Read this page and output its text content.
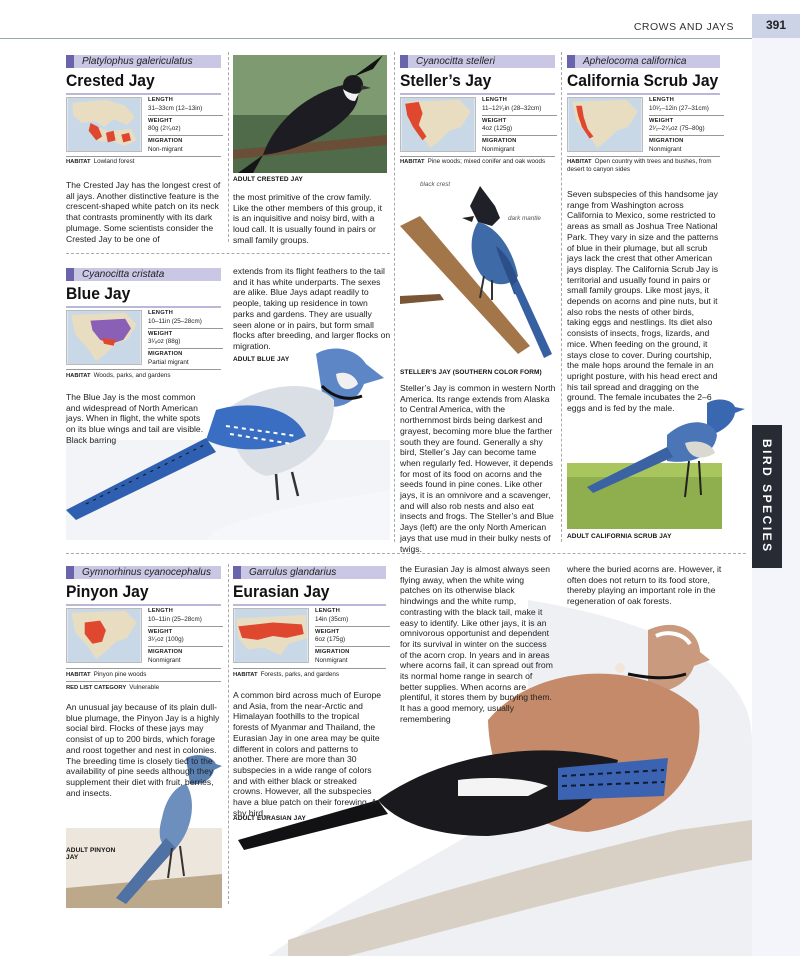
CROWS AND JAYS	391
BIRD SPECIES
Platylophus galericulatus
Crested Jay
LENGTH
31–33cm (12–13in)
WEIGHT
80g (2⁷⁄₈oz)
MIGRATION
Non-migrant
HABITAT Lowland forest
The Crested Jay has the longest crest of all jays. Another distinctive feature is the crescent-shaped white patch on its neck that contrasts prominently with its dark plumage. Some scientists consider the Crested Jay to be one of
ADULT CRESTED JAY
the most primitive of the crow family. Like the other members of this group, it is an inquisitive and noisy bird, with a loud call. It is usually found in pairs or small family groups.
Cyanocitta stelleri
Steller’s Jay
LENGTH
11–12¹⁄₂in (28–32cm)
WEIGHT
4oz (125g)
MIGRATION
Nonmigrant
HABITAT Pine woods; mixed conifer and oak woods
black crest
dark mantle
STELLER’S JAY (SOUTHERN COLOR FORM)
Steller’s Jay is common in western North America. Its range extends from Alaska to Central America, with the northernmost birds being darkest and grayest, becoming more blue the farther south they are found. Generally a shy bird, Steller’s Jay can become tame when regularly fed. However, it depends for most of its food on acorns and the seeds found in pine cones. Like other jays, it is an omnivore and a scavenger, and will also rob nests and also eat insects and frogs. The Steller’s and Blue Jays (left) are the only North American jays that use mud in their bulky nests of twigs.
Aphelocoma californica
California Scrub Jay
LENGTH
10¹⁄₂–12in (27–31cm)
WEIGHT
2¹⁄₂–2⁷⁄₈oz (75–80g)
MIGRATION
Nonmigrant
HABITAT Open country with trees and bushes, from desert to canyon sides
Seven subspecies of this handsome jay range from Washington across California to Mexico, some restricted to areas as small as Joshua Tree National Park. They vary in size and the patterns of blue in their plumage, but all scrub jays lack the crest that other American jays display. The California Scrub Jay is territorial and usually found in pairs or small family groups. Like most jays, it depends on acorns and pine nuts, but it also robs the nests of other birds, taking eggs and nestlings. Its diet also consists of insects, frogs, lizards, and mice. When feeding on the ground, it stays close to cover. During courtship, the male hops around the female in an upright posture, with his head erect and his tail spread and dragging on the ground. The female incubates the 2–6 eggs and is fed by the male.
ADULT CALIFORNIA SCRUB JAY
Cyanocitta cristata
Blue Jay
LENGTH
10–11in (25–28cm)
WEIGHT
3¹⁄₈oz (88g)
MIGRATION
Partial migrant
HABITAT Woods, parks, and gardens
The Blue Jay is the most common and widespread of North American jays. When in flight, the white spots on its blue wings and tail are visible. Black barring
extends from its flight feathers to the tail and it has white underparts. The sexes are alike. Blue Jays adapt readily to people, taking up residence in town parks and gardens. They are usually seen alone or in pairs, but form small flocks after breeding, and larger flocks on migration.
ADULT BLUE JAY
Gymnorhinus cyanocephalus
Pinyon Jay
LENGTH
10–11in (25–28cm)
WEIGHT
3¹⁄₂oz (100g)
MIGRATION
Nonmigrant
HABITAT Pinyon pine woods
RED LIST CATEGORY Vulnerable
An unusual jay because of its plain dull-blue plumage, the Pinyon Jay is a highly social bird. Flocks of these jays may consist of up to 200 birds, which forage and roost together and nest in colonies. The breeding time is closely tied to the availability of pine seeds although they supplement their diet with fruit, berries, and insects.
ADULT PINYON JAY
Garrulus glandarius
Eurasian Jay
LENGTH
14in (35cm)
WEIGHT
6oz (175g)
MIGRATION
Nonmigrant
HABITAT Forests, parks, and gardens
A common bird across much of Europe and Asia, from the near-Arctic and Himalayan foothills to the tropical forests of Myanmar and Thailand, the Eurasian Jay in one area may be quite different in colors and patterns to another. There are more than 30 subspecies in a wide range of colors and with either black or streaked crowns. However, all the subspecies have a blue patch on their forewing. A shy bird,
ADULT EURASIAN JAY
the Eurasian Jay is almost always seen flying away, when the white wing patches on its otherwise black hindwings and the white rump, contrasting with the black tail, make it easy to identify. Like other jays, it is an omnivorous opportunist and dependent for its survival in winter on the success of the acorn crop. In years and in areas where acorns fail, it can spread out from its normal home range in search of better supplies. When acorns are plentiful, it stores them by burying them. It has a good memory, usually remembering
where the buried acorns are. However, it often does not return to its food store, thereby playing an important role in the regeneration of oak forests.
